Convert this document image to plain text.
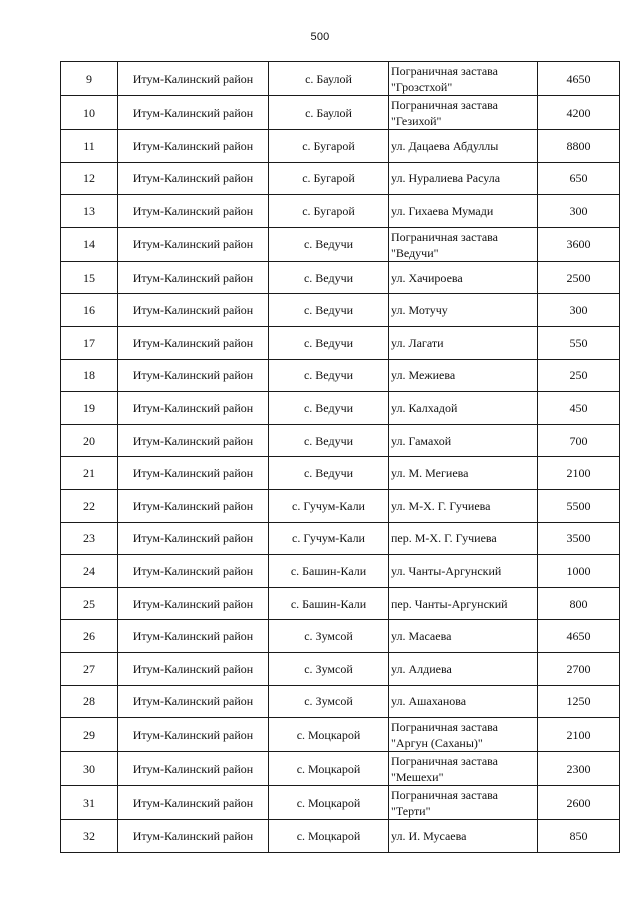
500
9	Итум-Калинский район	с. Баулой	Пограничная застава
"Грозстхой"	4650
10	Итум-Калинский район	с. Баулой	Пограничная застава
"Гезихой"	4200
11	Итум-Калинский район	с. Бугарой	ул. Дацаева Абдуллы	8800
12	Итум-Калинский район	с. Бугарой	ул. Нуралиева Расула	650
13	Итум-Калинский район	с. Бугарой	ул. Гихаева Мумади	300
14	Итум-Калинский район	с. Ведучи	Пограничная застава
"Ведучи"	3600
15	Итум-Калинский район	с. Ведучи	ул. Хачироева	2500
16	Итум-Калинский район	с. Ведучи	ул. Мотучу	300
17	Итум-Калинский район	с. Ведучи	ул. Лагати	550
18	Итум-Калинский район	с. Ведучи	ул. Межиева	250
19	Итум-Калинский район	с. Ведучи	ул. Калхадой	450
20	Итум-Калинский район	с. Ведучи	ул. Гамахой	700
21	Итум-Калинский район	с. Ведучи	ул. М. Мегиева	2100
22	Итум-Калинский район	с. Гучум-Кали	ул. М-Х. Г. Гучиева	5500
23	Итум-Калинский район	с. Гучум-Кали	пер. М-Х. Г. Гучиева	3500
24	Итум-Калинский район	с. Башин-Кали	ул. Чанты-Аргунский	1000
25	Итум-Калинский район	с. Башин-Кали	пер. Чанты-Аргунский	800
26	Итум-Калинский район	с. Зумсой	ул. Масаева	4650
27	Итум-Калинский район	с. Зумсой	ул. Алдиева	2700
28	Итум-Калинский район	с. Зумсой	ул. Ашаханова	1250
29	Итум-Калинский район	с. Моцкарой	Пограничная застава
"Аргун (Саханы)"	2100
30	Итум-Калинский район	с. Моцкарой	Пограничная застава
"Мешехи"	2300
31	Итум-Калинский район	с. Моцкарой	Пограничная застава
"Терти"	2600
32	Итум-Калинский район	с. Моцкарой	ул. И. Мусаева	850
